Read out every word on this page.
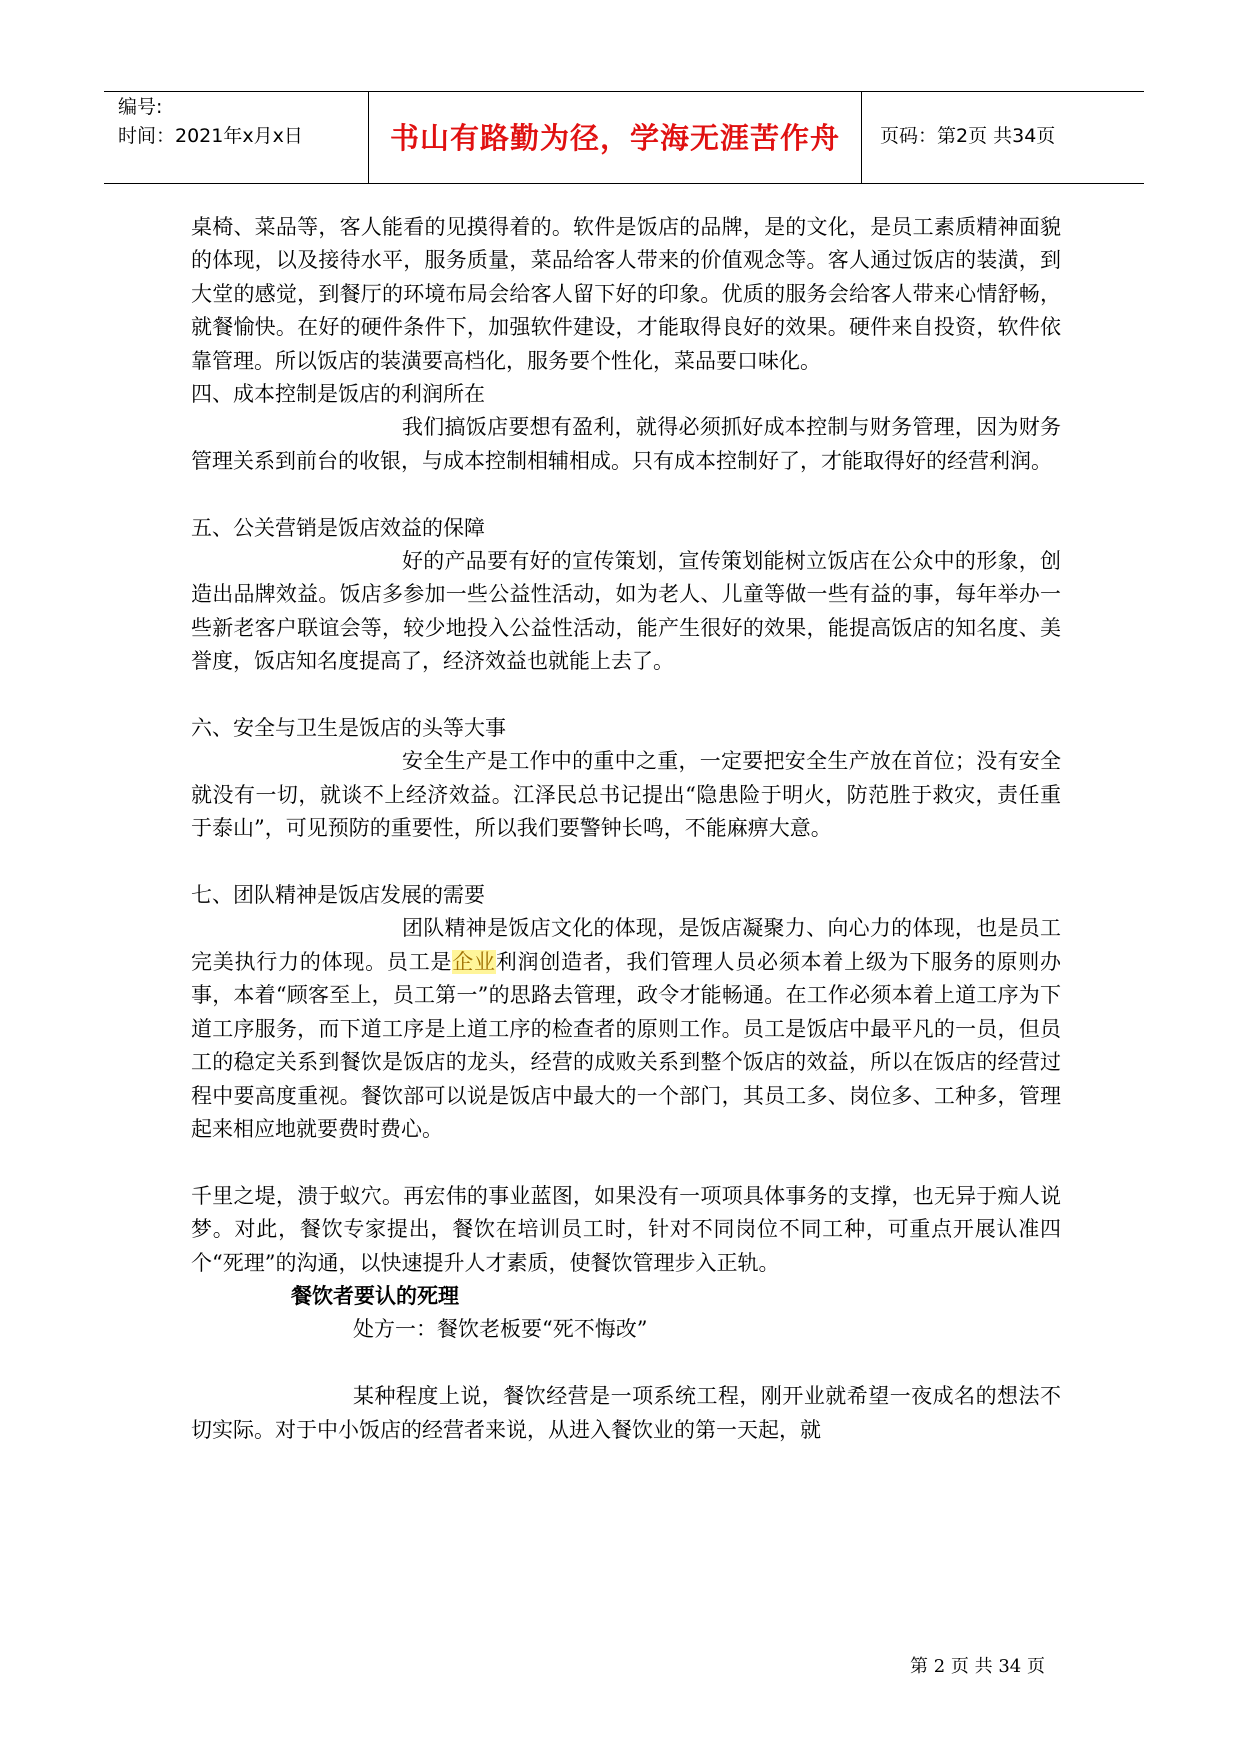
编号:
时间：2021年x月x日	书山有路勤为径，学海无涯苦作舟	页码：第2页 共34页

桌椅、菜品等，客人能看的见摸得着的。软件是饭店的品牌，是的文化，是员工素质精神面貌的体现，以及接待水平，服务质量，菜品给客人带来的价值观念等。客人通过饭店的装潢，到大堂的感觉，到餐厅的环境布局会给客人留下好的印象。优质的服务会给客人带来心情舒畅，就餐愉快。在好的硬件条件下，加强软件建设，才能取得良好的效果。硬件来自投资，软件依靠管理。所以饭店的装潢要高档化，服务要个性化，菜品要口味化。

四、成本控制是饭店的利润所在

我们搞饭店要想有盈利，就得必须抓好成本控制与财务管理，因为财务管理关系到前台的收银，与成本控制相辅相成。只有成本控制好了，才能取得好的经营利润。

五、公关营销是饭店效益的保障

好的产品要有好的宣传策划，宣传策划能树立饭店在公众中的形象，创造出品牌效益。饭店多参加一些公益性活动，如为老人、儿童等做一些有益的事，每年举办一些新老客户联谊会等，较少地投入公益性活动，能产生很好的效果，能提高饭店的知名度、美誉度，饭店知名度提高了，经济效益也就能上去了。

六、安全与卫生是饭店的头等大事

安全生产是工作中的重中之重，一定要把安全生产放在首位；没有安全就没有一切，就谈不上经济效益。江泽民总书记提出“隐患险于明火，防范胜于救灾，责任重于泰山”，可见预防的重要性，所以我们要警钟长鸣，不能麻痹大意。

七、团队精神是饭店发展的需要

团队精神是饭店文化的体现，是饭店凝聚力、向心力的体现，也是员工完美执行力的体现。员工是企业利润创造者，我们管理人员必须本着上级为下服务的原则办事，本着“顾客至上，员工第一”的思路去管理，政令才能畅通。在工作必须本着上道工序为下道工序服务，而下道工序是上道工序的检查者的原则工作。员工是饭店中最平凡的一员，但员工的稳定关系到餐饮是饭店的龙头，经营的成败关系到整个饭店的效益，所以在饭店的经营过程中要高度重视。餐饮部可以说是饭店中最大的一个部门，其员工多、岗位多、工种多，管理起来相应地就要费时费心。

千里之堤，溃于蚁穴。再宏伟的事业蓝图，如果没有一项项具体事务的支撑，也无异于痴人说梦。对此，餐饮专家提出，餐饮在培训员工时，针对不同岗位不同工种，可重点开展认准四个“死理”的沟通，以快速提升人才素质，使餐饮管理步入正轨。

餐饮者要认的死理

处方一：餐饮老板要“死不悔改”

某种程度上说，餐饮经营是一项系统工程，刚开业就希望一夜成名的想法不切实际。对于中小饭店的经营者来说，从进入餐饮业的第一天起，就

第 2 页 共 34 页
